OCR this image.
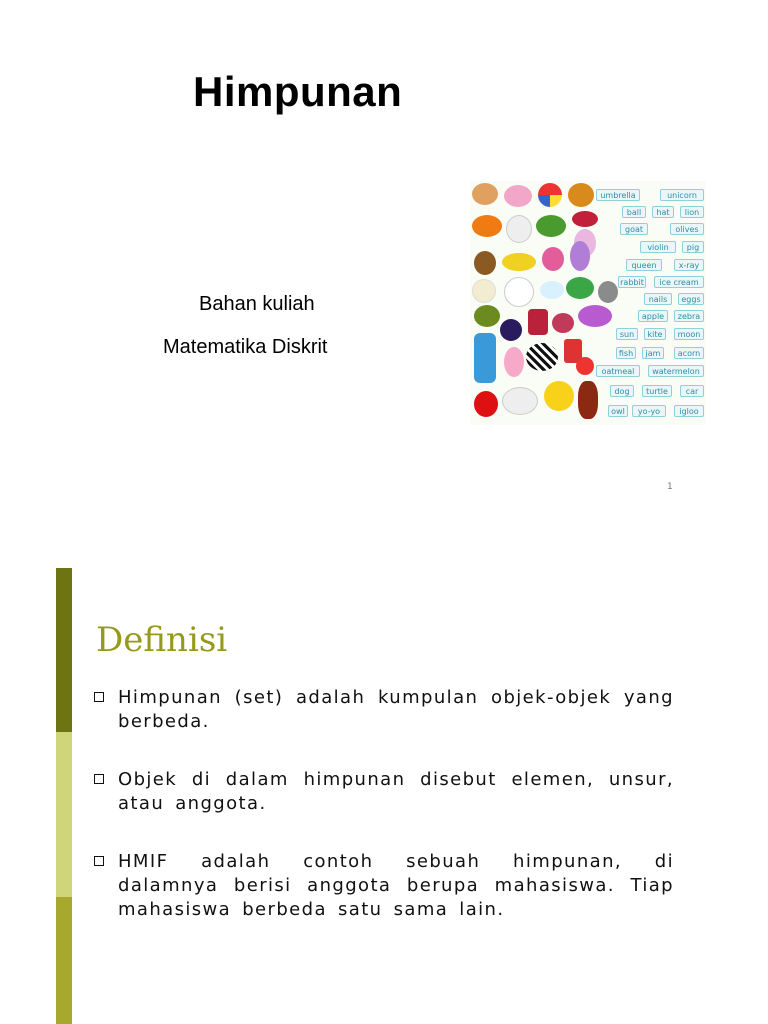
Himpunan
Bahan kuliah
Matematika Diskrit
umbrella	unicorn
ball	hat	lion
goat	olives
violin	pig
queen	x-ray
rabbit	ice cream
nails	eggs
apple	zebra
sun	kite	moon
fish	jam	acorn
oatmeal	watermelon
dog	turtle	car
owl	yo-yo	igloo
1
Definisi
Himpunan (set) adalah kumpulan objek-objek yang berbeda.
Objek di dalam himpunan disebut elemen, unsur, atau anggota.
HMIF adalah contoh sebuah himpunan, di dalamnya berisi anggota berupa mahasiswa. Tiap mahasiswa berbeda satu sama lain.
